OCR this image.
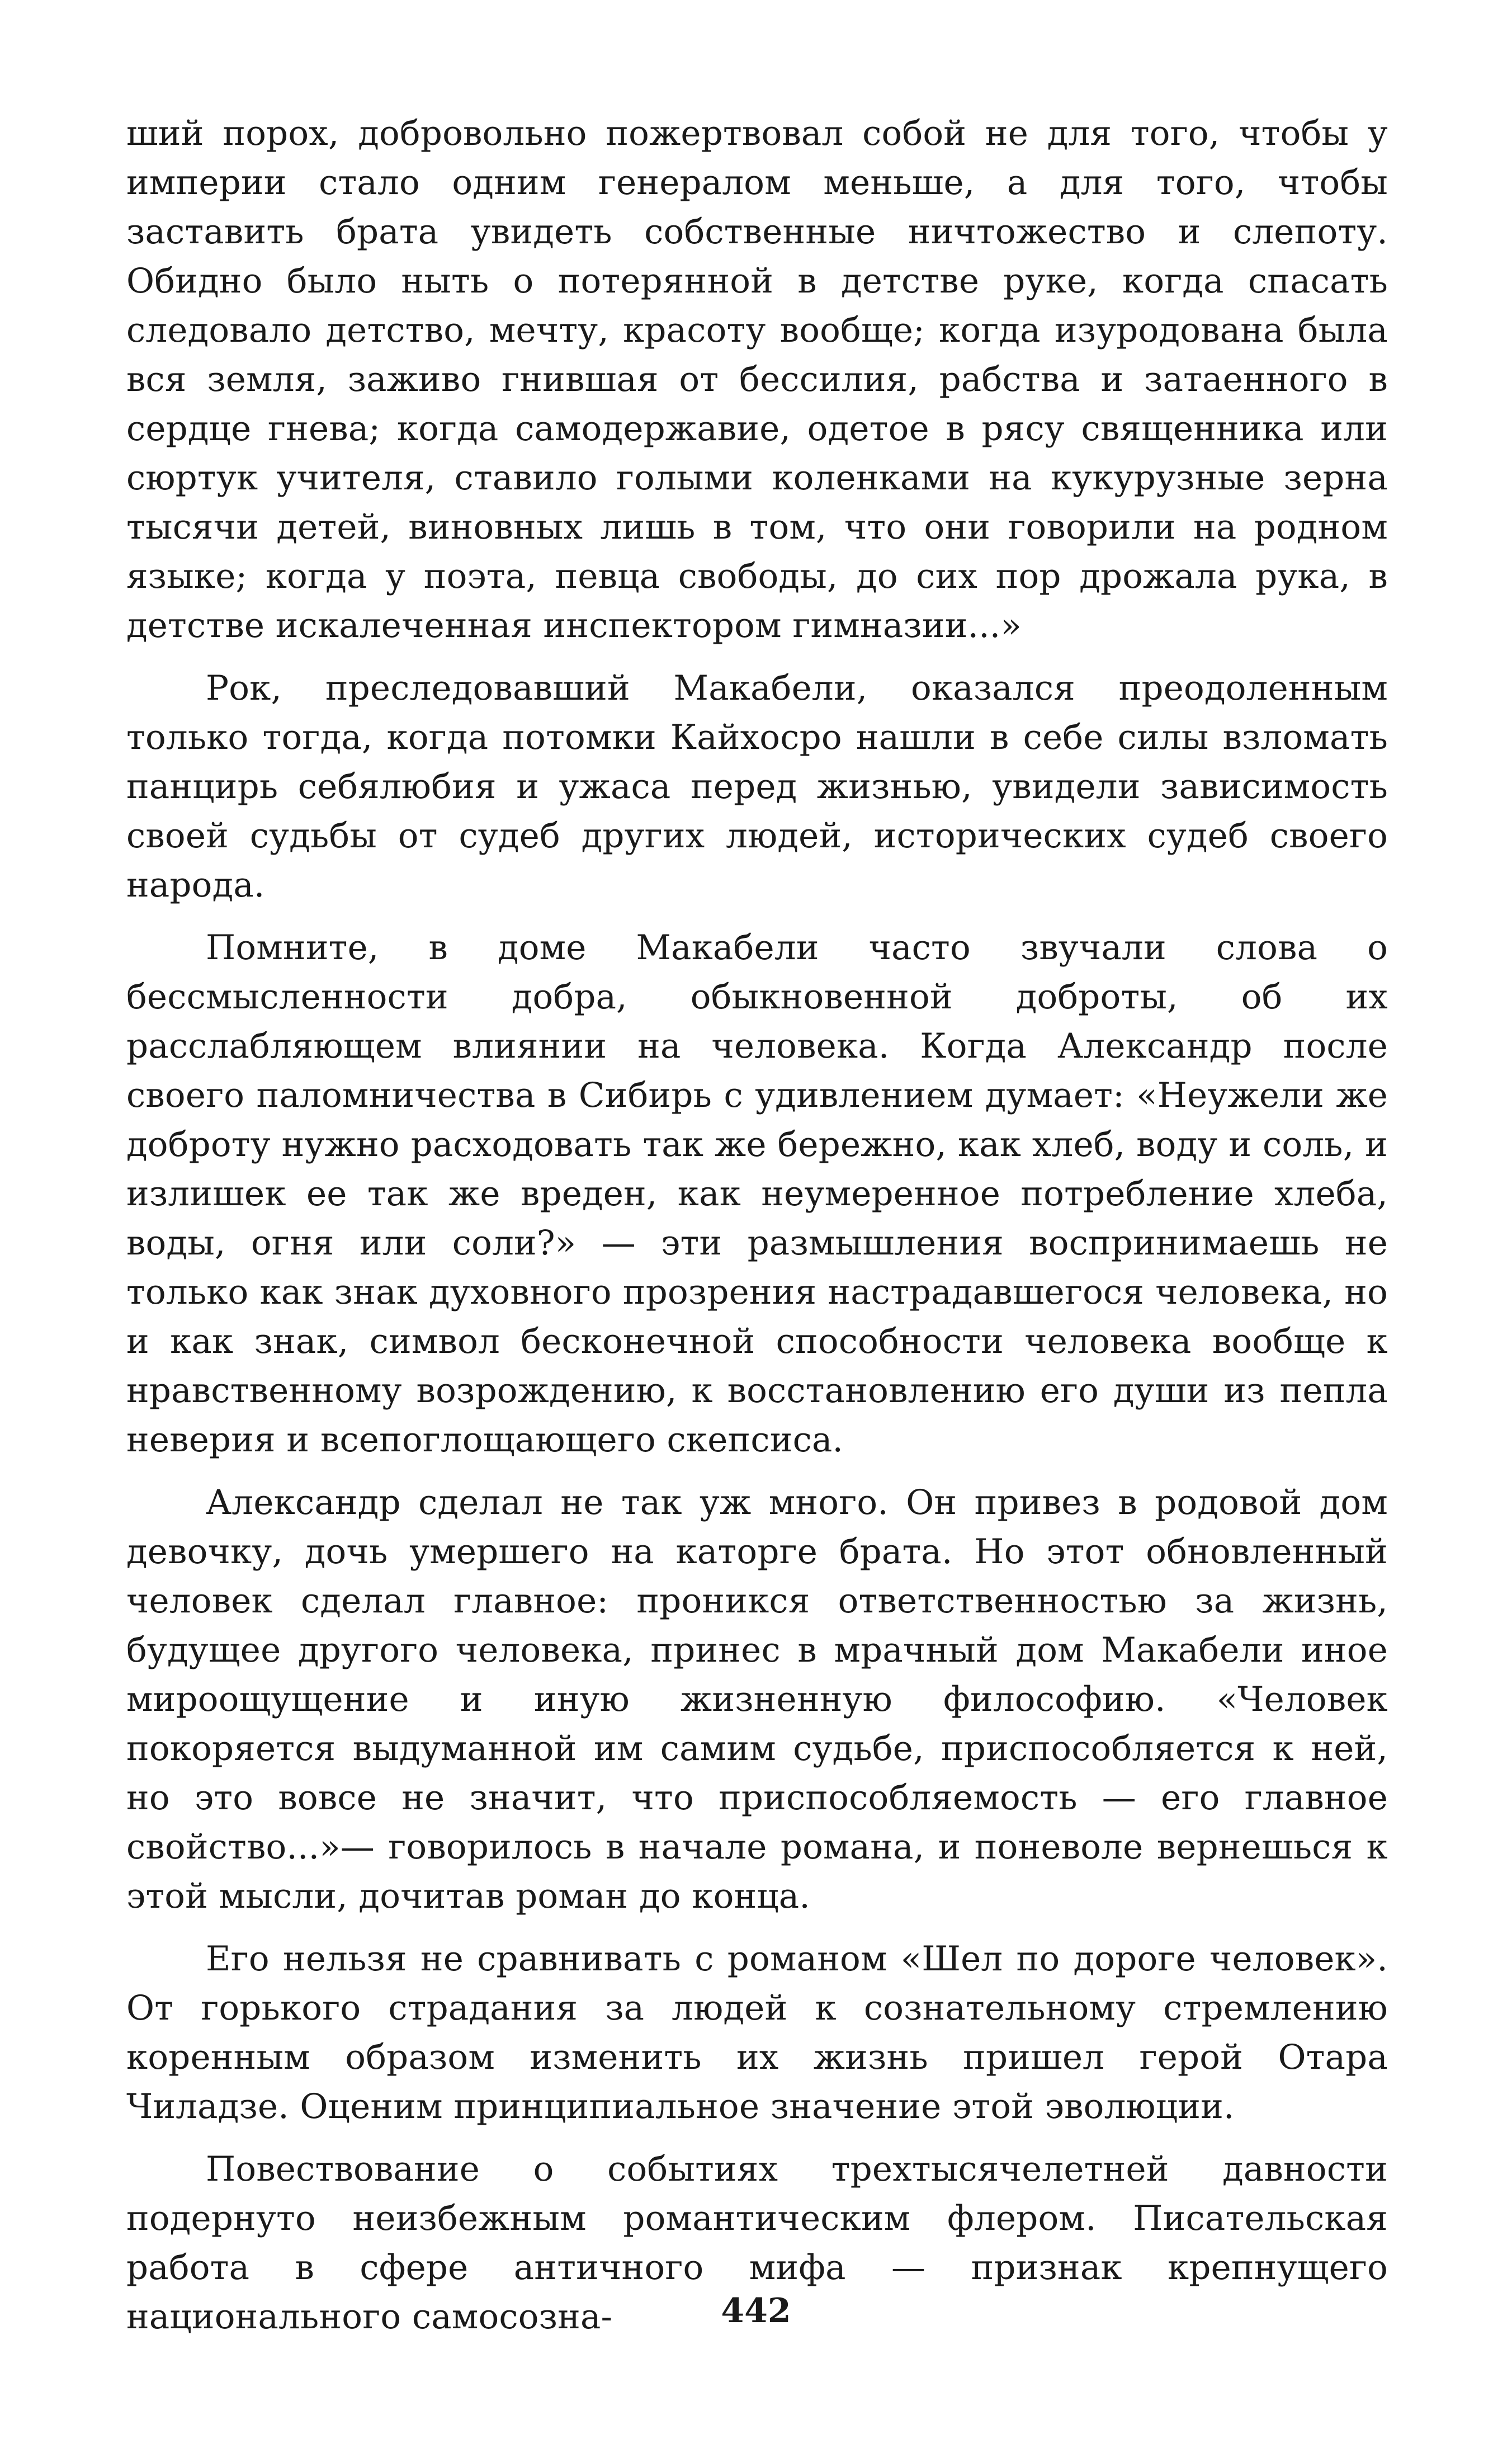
ший порох, добровольно пожертвовал собой не для того, чтобы у империи стало одним генералом меньше, а для того, чтобы заставить брата увидеть собственные ничтожество и слепоту. Обидно было ныть о потерянной в детстве руке, когда спасать следовало детство, мечту, красоту вообще; когда изуродована была вся земля, заживо гнившая от бессилия, рабства и затаенного в сердце гнева; когда самодержавие, одетое в рясу священника или сюртук учителя, ставило голыми коленками на кукурузные зерна тысячи детей, виновных лишь в том, что они говорили на родном языке; когда у поэта, певца свободы, до сих пор дрожала рука, в детстве искалеченная инспектором гимназии...»

Рок, преследовавший Макабели, оказался преодоленным только тогда, когда потомки Кайхосро нашли в себе силы взломать панцирь себялюбия и ужаса перед жизнью, увидели зависимость своей судьбы от судеб других людей, исторических судеб своего народа.

Помните, в доме Макабели часто звучали слова о бессмысленности добра, обыкновенной доброты, об их расслабляющем влиянии на человека. Когда Александр после своего паломничества в Сибирь с удивлением думает: «Неужели же доброту нужно расходовать так же бережно, как хлеб, воду и соль, и излишек ее так же вреден, как неумеренное потребление хлеба, воды, огня или соли?» — эти размышления воспринимаешь не только как знак духовного прозрения настрадавшегося человека, но и как знак, символ бесконечной способности человека вообще к нравственному возрождению, к восстановлению его души из пепла неверия и всепоглощающего скепсиса.

Александр сделал не так уж много. Он привез в родовой дом девочку, дочь умершего на каторге брата. Но этот обновленный человек сделал главное: проникся ответственностью за жизнь, будущее другого человека, принес в мрачный дом Макабели иное мироощущение и иную жизненную философию. «Человек покоряется выдуманной им самим судьбе, приспособляется к ней, но это вовсе не значит, что приспособляемость — его главное свойство...»— говорилось в начале романа, и поневоле вернешься к этой мысли, дочитав роман до конца.

Его нельзя не сравнивать с романом «Шел по дороге человек». От горького страдания за людей к сознательному стремлению коренным образом изменить их жизнь пришел герой Отара Чиладзе. Оценим принципиальное значение этой эволюции.

Повествование о событиях трехтысячелетней давности подернуто неизбежным романтическим флером. Писательская работа в сфере античного мифа — признак крепнущего национального самосозна-	442
